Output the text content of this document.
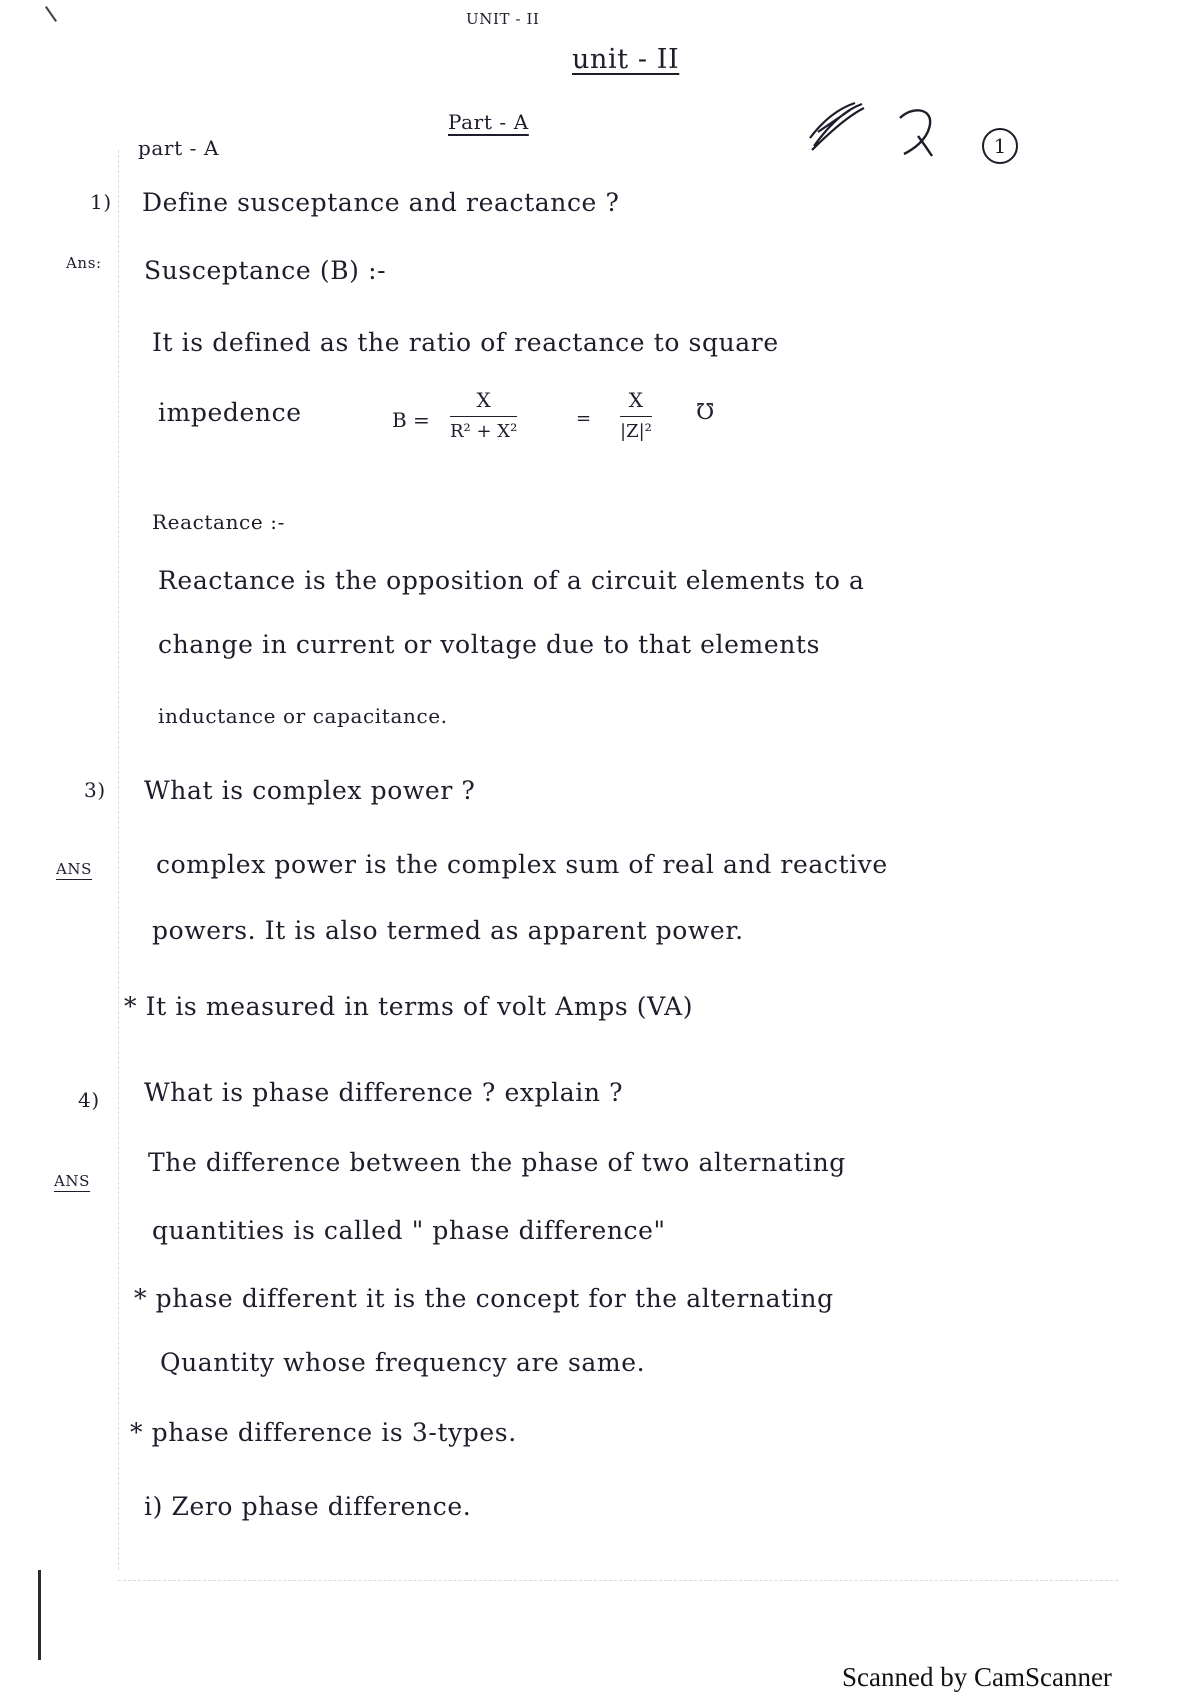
UNIT - II
unit - II
Part - A
part - A	1
1) Define susceptance and reactance ?
Ans: Susceptance (B) :-
It is defined as the ratio of reactance to square
impedence	$B = \frac{X}{\text{R² + X²}}$	= $\frac{X}{\text{|Z|²}}$ ℧
Reactance :-
Reactance is the opposition of a circuit elements to a
change in current or voltage due to that elements
inductance or capacitance.
3) What is complex power ?
ANS	complex power is the complex sum of real and reactive
powers. It is also termed as apparent power.
* It is measured in terms of volt Amps (VA)
4) What is phase difference ? explain ?
ANS
The difference between the phase of two alternating
quantities is called " phase difference"
* phase different it is the concept for the alternating
Quantity whose frequency are same.
* phase difference is 3-types.
i) Zero phase difference.
Scanned by CamScanner
